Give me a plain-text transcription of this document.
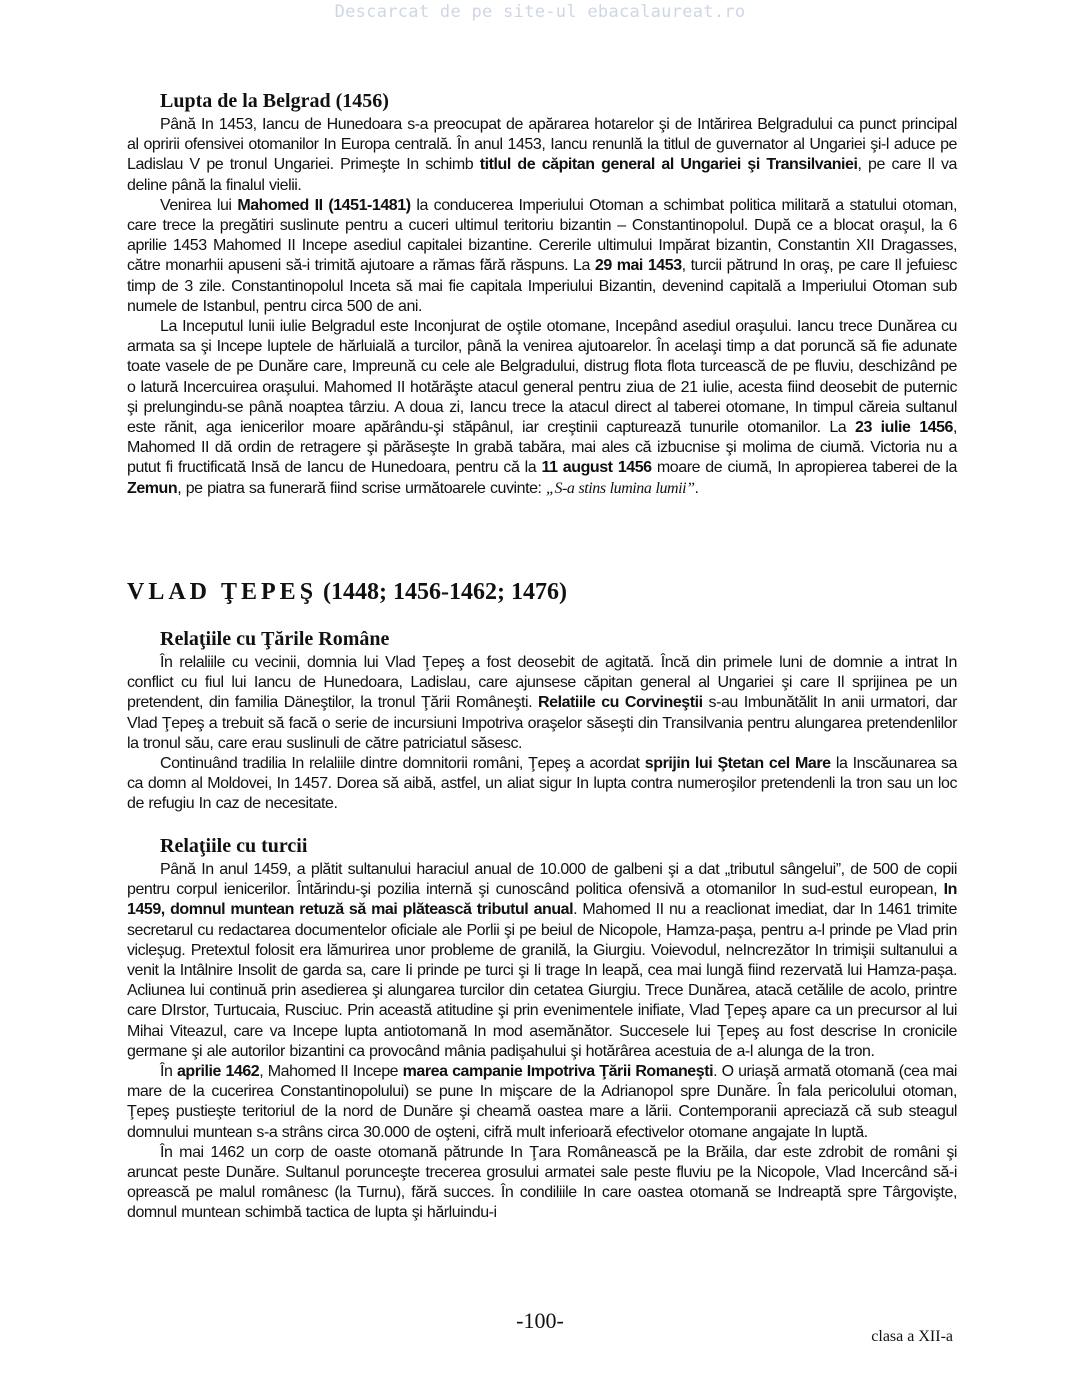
Descarcat de pe site-ul ebacalaureat.ro
Lupta de la Belgrad (1456)

Până In 1453, Iancu de Hunedoara s-a preocupat de apărarea hotarelor şi de Intărirea Belgradului ca punct principal al opririi ofensivei otomanilor In Europa centrală. În anul 1453, Iancu renunlă la titlul de guvernator al Ungariei şi-l aduce pe Ladislau V pe tronul Ungariei. Primeşte In schimb titlul de căpitan general al Ungariei şi Transilvaniei, pe care Il va deline până la finalul vielii.

Venirea lui Mahomed II (1451-1481) la conducerea Imperiului Otoman a schimbat politica militară a statului otoman, care trece la pregătiri suslinute pentru a cuceri ultimul teritoriu bizantin – Constantinopolul. După ce a blocat oraşul, la 6 aprilie 1453 Mahomed II Incepe asediul capitalei bizantine. Cererile ultimului Impărat bizantin, Constantin XII Dragasses, către monarhii apuseni să-i trimită ajutoare a rămas fără răspuns. La 29 mai 1453, turcii pătrund In oraş, pe care Il jefuiesc timp de 3 zile. Constantinopolul Inceta să mai fie capitala Imperiului Bizantin, devenind capitală a Imperiului Otoman sub numele de Istanbul, pentru circa 500 de ani.

La Inceputul lunii iulie Belgradul este Inconjurat de oştile otomane, Incepând asediul oraşului. Iancu trece Dunărea cu armata sa şi Incepe luptele de hărluială a turcilor, până la venirea ajutoarelor. În acelaşi timp a dat poruncă să fie adunate toate vasele de pe Dunăre care, Impreună cu cele ale Belgradului, distrug flota flota turcească de pe fluviu, deschizând pe o latură Incercuirea oraşului. Mahomed II hotărăşte atacul general pentru ziua de 21 iulie, acesta fiind deosebit de puternic şi prelungindu-se până noaptea târziu. A doua zi, Iancu trece la atacul direct al taberei otomane, In timpul căreia sultanul este rănit, aga ienicerilor moare apărându-şi stăpânul, iar creştinii capturează tunurile otomanilor. La 23 iulie 1456, Mahomed II dă ordin de retragere şi părăseşte In grabă tabăra, mai ales că izbucnise şi molima de ciumă. Victoria nu a putut fi fructificată Insă de Iancu de Hunedoara, pentru că la 11 august 1456 moare de ciumă, In apropierea taberei de la Zemun, pe piatra sa funerară fiind scrise următoarele cuvinte: „S-a stins lumina lumii”.

VLAD ŢEPEŞ (1448; 1456-1462; 1476)
Relaţiile cu Ţările Române

În relaliile cu vecinii, domnia lui Vlad Ţepeş a fost deosebit de agitată. Încă din primele luni de domnie a intrat In conflict cu fiul lui Iancu de Hunedoara, Ladislau, care ajunsese căpitan general al Ungariei şi care Il sprijinea pe un pretendent, din familia Däneştilor, la tronul Ţării Româneşti. Relatiile cu Corvineştii s-au Imbunătălit In anii urmatori, dar Vlad Ţepeş a trebuit să facă o serie de incursiuni Impotriva oraşelor săseşti din Transilvania pentru alungarea pretendenlilor la tronul său, care erau suslinuli de către patriciatul săsesc.

Continuând tradilia In relaliile dintre domnitorii români, Ţepeş a acordat sprijin lui Ştetan cel Mare la Inscăunarea sa ca domn al Moldovei, In 1457. Dorea să aibă, astfel, un aliat sigur In lupta contra numeroşilor pretendenli la tron sau un loc de refugiu In caz de necesitate.

Relaţiile cu turcii

Până In anul 1459, a plătit sultanului haraciul anual de 10.000 de galbeni şi a dat „tributul sângelui”, de 500 de copii pentru corpul ienicerilor. Întărindu-şi pozilia internă şi cunoscând politica ofensivă a otomanilor In sud-estul european, In 1459, domnul muntean retuză să mai plătească tributul anual. Mahomed II nu a reaclionat imediat, dar In 1461 trimite secretarul cu redactarea documentelor oficiale ale Porlii şi pe beiul de Nicopole, Hamza-paşa, pentru a-l prinde pe Vlad prin vicleşug. Pretextul folosit era lămurirea unor probleme de granilă, la Giurgiu. Voievodul, neIncrezător In trimişii sultanului a venit la Intâlnire Insolit de garda sa, care Ii prinde pe turci şi Ii trage In leapă, cea mai lungă fiind rezervată lui Hamza-paşa. Acliunea lui continuă prin asedierea şi alungarea turcilor din cetatea Giurgiu. Trece Dunărea, atacă cetălile de acolo, printre care DIrstor, Turtucaia, Rusciuc. Prin această atitudine şi prin evenimentele inifiate, Vlad Ţepeş apare ca un precursor al lui Mihai Viteazul, care va Incepe lupta antiotomană In mod asemănător. Succesele lui Ţepeş au fost descrise In cronicile germane şi ale autorilor bizantini ca provocând mânia padişahului şi hotărârea acestuia de a-l alunga de la tron.

În aprilie 1462, Mahomed II Incepe marea campanie Impotriva Ţării Romaneşti. O uriaşă armată otomană (cea mai mare de la cucerirea Constantinopolului) se pune In mişcare de la Adrianopol spre Dunăre. În fala pericolului otoman, Ţepeş pustieşte teritoriul de la nord de Dunăre şi cheamă oastea mare a lării. Contemporanii apreciază că sub steagul domnului muntean s-a strâns circa 30.000 de oşteni, cifră mult inferioară efectivelor otomane angajate In luptă.

În mai 1462 un corp de oaste otomană pătrunde In Ţara Românească pe la Brăila, dar este zdrobit de români şi aruncat peste Dunăre. Sultanul porunceşte trecerea grosului armatei sale peste fluviu pe la Nicopole, Vlad Incercând să-i oprească pe malul românesc (la Turnu), fără succes. În condiliile In care oastea otomană se Indreaptă spre Târgovişte, domnul muntean schimbă tactica de lupta şi hărluindu-i

-100-
clasa a XII-a
